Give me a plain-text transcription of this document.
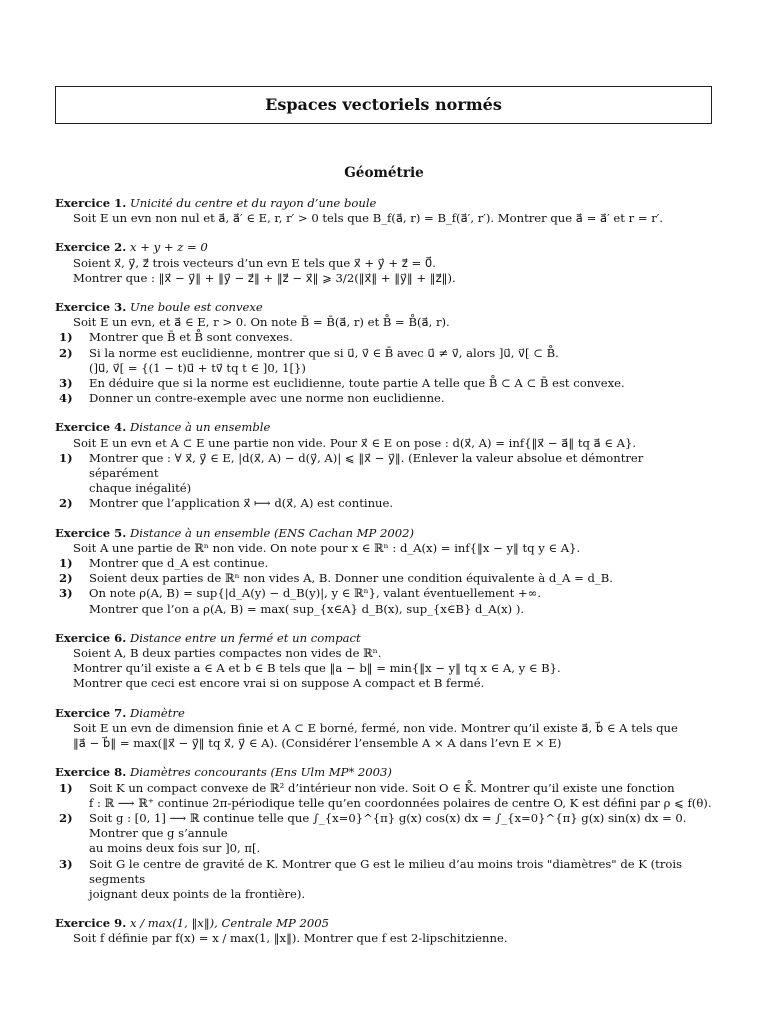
Espaces vectoriels normés
Géométrie
Exercice 1. Unicité du centre et du rayon d’une boule
Soit E un evn non nul et a⃗, a⃗′ ∈ E, r, r′ > 0 tels que B_f(a⃗, r) = B_f(a⃗′, r′). Montrer que a⃗ = a⃗′ et r = r′.
Exercice 2. x + y + z = 0
Soient x⃗, y⃗, z⃗ trois vecteurs d’un evn E tels que x⃗ + y⃗ + z⃗ = 0⃗.
Montrer que : ‖x⃗ − y⃗‖ + ‖y⃗ − z⃗‖ + ‖z⃗ − x⃗‖ ⩾ 3/2(‖x⃗‖ + ‖y⃗‖ + ‖z⃗‖).
Exercice 3. Une boule est convexe
Soit E un evn, et a⃗ ∈ E, r > 0. On note B̄ = B̄(a⃗, r) et B̊ = B̊(a⃗, r).
1)	Montrer que B̄ et B̊ sont convexes.
2)	Si la norme est euclidienne, montrer que si u⃗, v⃗ ∈ B̄ avec u⃗ ≠ v⃗, alors ]u⃗, v⃗[ ⊂ B̊.
(]u⃗, v⃗[ = {(1 − t)u⃗ + tv⃗ tq t ∈ ]0, 1[})
3)	En déduire que si la norme est euclidienne, toute partie A telle que B̊ ⊂ A ⊂ B̄ est convexe.
4)	Donner un contre-exemple avec une norme non euclidienne.
Exercice 4. Distance à un ensemble
Soit E un evn et A ⊂ E une partie non vide. Pour x⃗ ∈ E on pose : d(x⃗, A) = inf{‖x⃗ − a⃗‖ tq a⃗ ∈ A}.
1)	Montrer que : ∀ x⃗, y⃗ ∈ E, |d(x⃗, A) − d(y⃗, A)| ⩽ ‖x⃗ − y⃗‖. (Enlever la valeur absolue et démontrer séparément
chaque inégalité)
2)	Montrer que l’application x⃗ ⟼ d(x⃗, A) est continue.
Exercice 5. Distance à un ensemble (ENS Cachan MP 2002)
Soit A une partie de ℝⁿ non vide. On note pour x ∈ ℝⁿ : d_A(x) = inf{‖x − y‖ tq y ∈ A}.
1)	Montrer que d_A est continue.
2)	Soient deux parties de ℝⁿ non vides A, B. Donner une condition équivalente à d_A = d_B.
3)	On note ρ(A, B) = sup{|d_A(y) − d_B(y)|, y ∈ ℝⁿ}, valant éventuellement +∞.
Montrer que l’on a ρ(A, B) = max( sup_{x∈A} d_B(x), sup_{x∈B} d_A(x) ).
Exercice 6. Distance entre un fermé et un compact
Soient A, B deux parties compactes non vides de ℝⁿ.
Montrer qu’il existe a ∈ A et b ∈ B tels que ‖a − b‖ = min{‖x − y‖ tq x ∈ A, y ∈ B}.
Montrer que ceci est encore vrai si on suppose A compact et B fermé.
Exercice 7. Diamètre
Soit E un evn de dimension finie et A ⊂ E borné, fermé, non vide. Montrer qu’il existe a⃗, b⃗ ∈ A tels que
‖a⃗ − b⃗‖ = max(‖x⃗ − y⃗‖ tq x⃗, y⃗ ∈ A). (Considérer l’ensemble A × A dans l’evn E × E)
Exercice 8. Diamètres concourants (Ens Ulm MP* 2003)
1)	Soit K un compact convexe de ℝ² d’intérieur non vide. Soit O ∈ K̊. Montrer qu’il existe une fonction
f : ℝ ⟶ ℝ⁺ continue 2π-périodique telle qu’en coordonnées polaires de centre O, K est défini par ρ ⩽ f(θ).
2)	Soit g : [0, 1] ⟶ ℝ continue telle que ∫_{x=0}^{π} g(x) cos(x) dx = ∫_{x=0}^{π} g(x) sin(x) dx = 0. Montrer que g s’annule
au moins deux fois sur ]0, π[.
3)	Soit G le centre de gravité de K. Montrer que G est le milieu d’au moins trois "diamètres" de K (trois segments
joignant deux points de la frontière).
Exercice 9. x / max(1, ‖x‖), Centrale MP 2005
Soit f définie par f(x) = x / max(1, ‖x‖). Montrer que f est 2-lipschitzienne.
